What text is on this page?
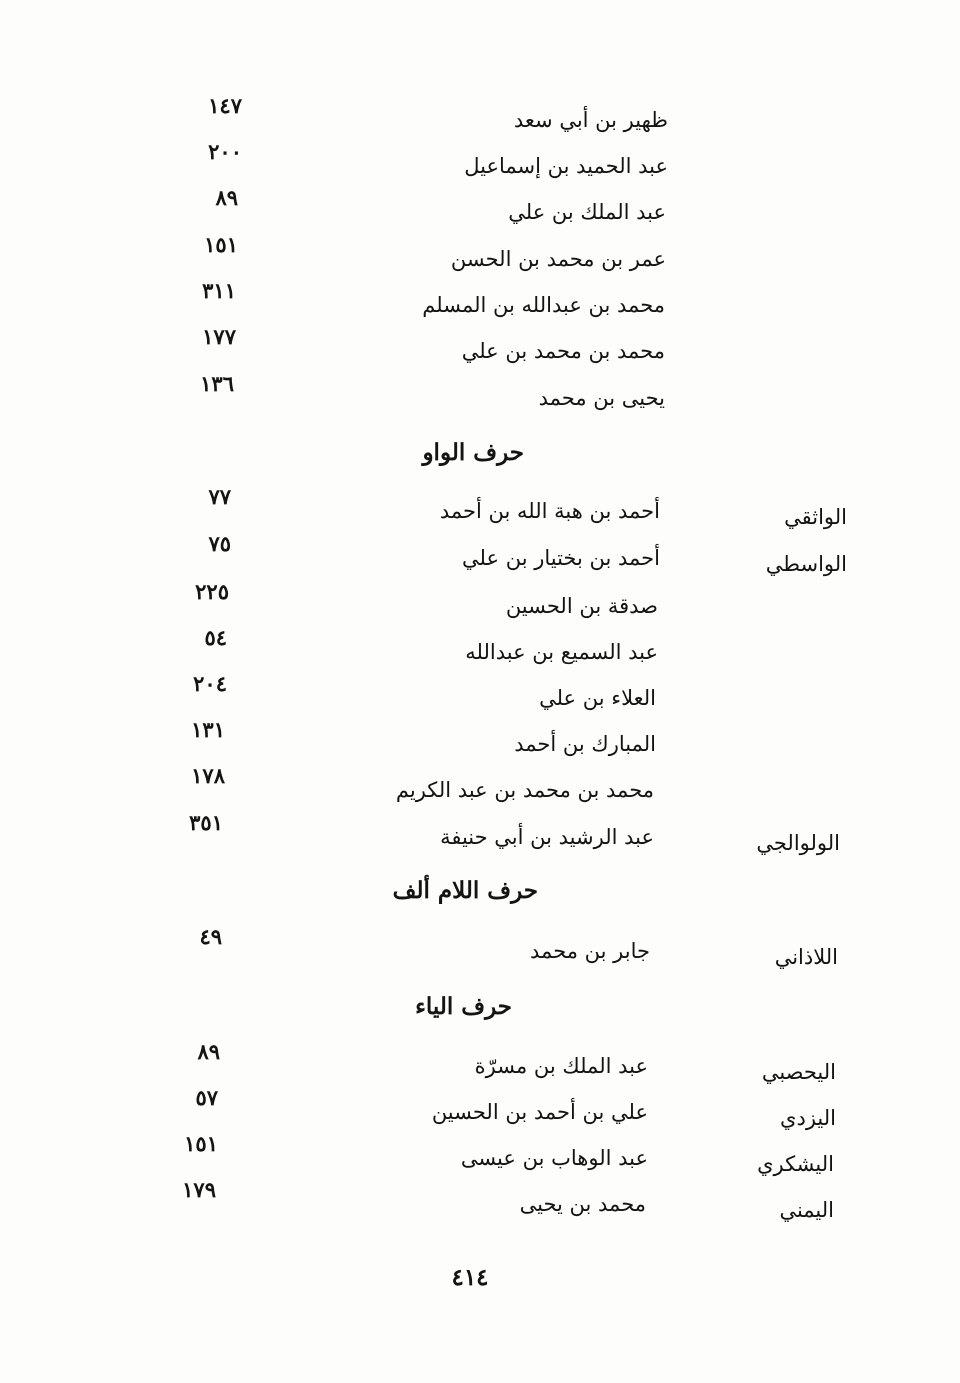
ظهير بن أبي سعد
١٤٧
عبد الحميد بن إسماعيل
٢٠٠
عبد الملك بن علي
٨٩
عمر بن محمد بن الحسن
١٥١
محمد بن عبدالله بن المسلم
٣١١
محمد بن محمد بن علي
١٧٧
يحيى بن محمد
١٣٦
حرف الواو
الواثقي
أحمد بن هبة الله بن أحمد
٧٧
الواسطي
أحمد بن بختيار بن علي
٧٥
صدقة بن الحسين
٢٢٥
عبد السميع بن عبدالله
٥٤
العلاء بن علي
٢٠٤
المبارك بن أحمد
١٣١
محمد بن محمد بن عبد الكريم
١٧٨
الولوالجي
عبد الرشيد بن أبي حنيفة
٣٥١
حرف اللام ألف
اللاذاني
جابر بن محمد
٤٩
حرف الياء
اليحصبي
عبد الملك بن مسرّة
٨٩
اليزدي
علي بن أحمد بن الحسين
٥٧
اليشكري
عبد الوهاب بن عيسى
١٥١
اليمني
محمد بن يحيى
١٧٩
٤١٤
